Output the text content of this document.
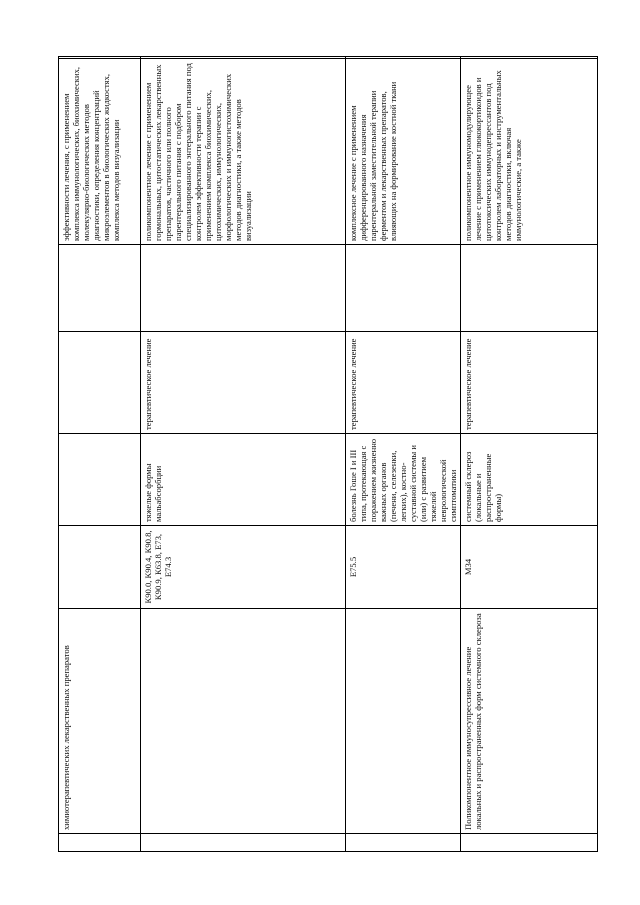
	химиотерапевтических лекарственных препаратов					эффективности лечения, с применением комплекса иммунологических, биохимических, молекулярно-биологических методов диагностики, определения концентраций микроэлементов в биологических жидкостях, комплекса методов визуализации	
		К90.0, К90.4, К90.8, К90.9, К63.8, Е73, Е74.3	тяжелые формы мальабсорбции	терапевтическое лечение		поликомпонентное лечение с применением гормональных, цитостатических лекарственных препаратов, частичного или полного парентерального питания с подбором специализированного энтерального питания под контролем эффективности терапии с применением комплекса биохимических, цитохимических, иммунологических, морфологических и иммуногистохимических методов диагностики, а также методов визуализации	
		Е75.5	болезнь Гоше I и III типа, протекающая с поражением жизненно важных органов (печени, селезенки, легких), костно-суставной системы и (или) с развитием тяжелой неврологической симптоматики	терапевтическое лечение		комплексное лечение с применением дифференцированного назначения парентеральной заместительной терапии ферментом и лекарственных препаратов, влияющих на формирование костной ткани	
	Поликомпонентное иммуносупрессивное лечение локальных и распространенных форм системного склероза	М34	системный склероз (локальные и распространенные формы)	терапевтическое лечение		поликомпонентное иммуномодулирующее лечение с применением глюкокортикоидов и цитотоксических иммунодепрессантов под контролем лабораторных и инструментальных методов диагностики, включая иммунологические, а также	
